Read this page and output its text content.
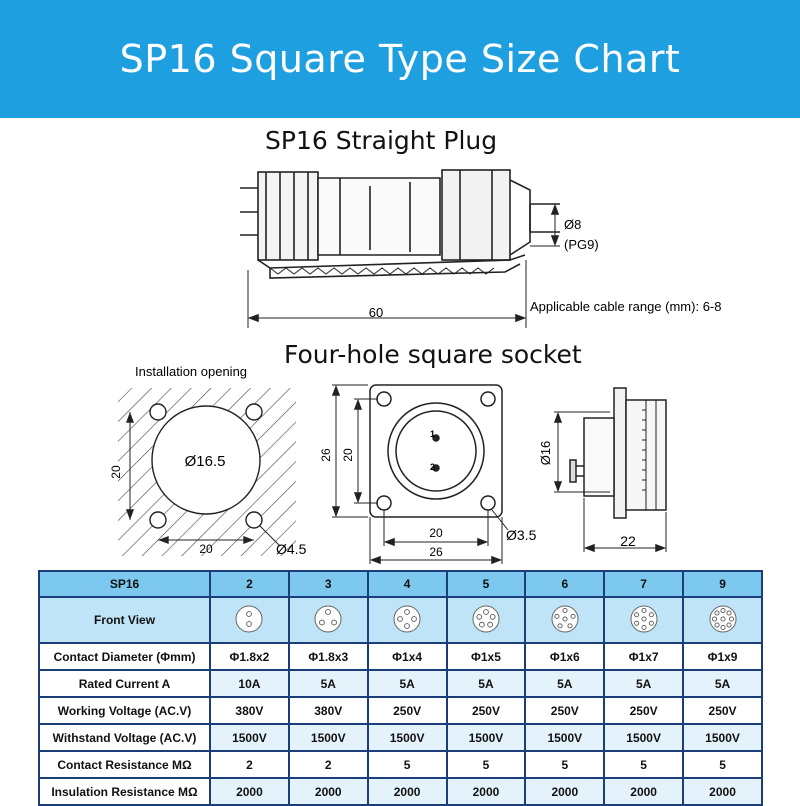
SP16 Square Type Size Chart
SP16 Straight Plug
60
Ø8
(PG9)
Applicable cable range (mm): 6-8
Four-hole square socket
Installation opening
Ø16.5
20
20	Ø4.5
1
2
26 20
20
26
Ø3.5
Ø16
22
SP16	2	3	4	5	6	7	9
Front View							
Contact Diameter (Φmm)	Φ1.8x2	Φ1.8x3	Φ1x4	Φ1x5	Φ1x6	Φ1x7	Φ1x9
Rated Current A	10A	5A	5A	5A	5A	5A	5A
Working Voltage (AC.V)	380V	380V	250V	250V	250V	250V	250V
Withstand Voltage (AC.V)	1500V	1500V	1500V	1500V	1500V	1500V	1500V
Contact Resistance MΩ	2	2	5	5	5	5	5
Insulation Resistance MΩ	2000	2000	2000	2000	2000	2000	2000
